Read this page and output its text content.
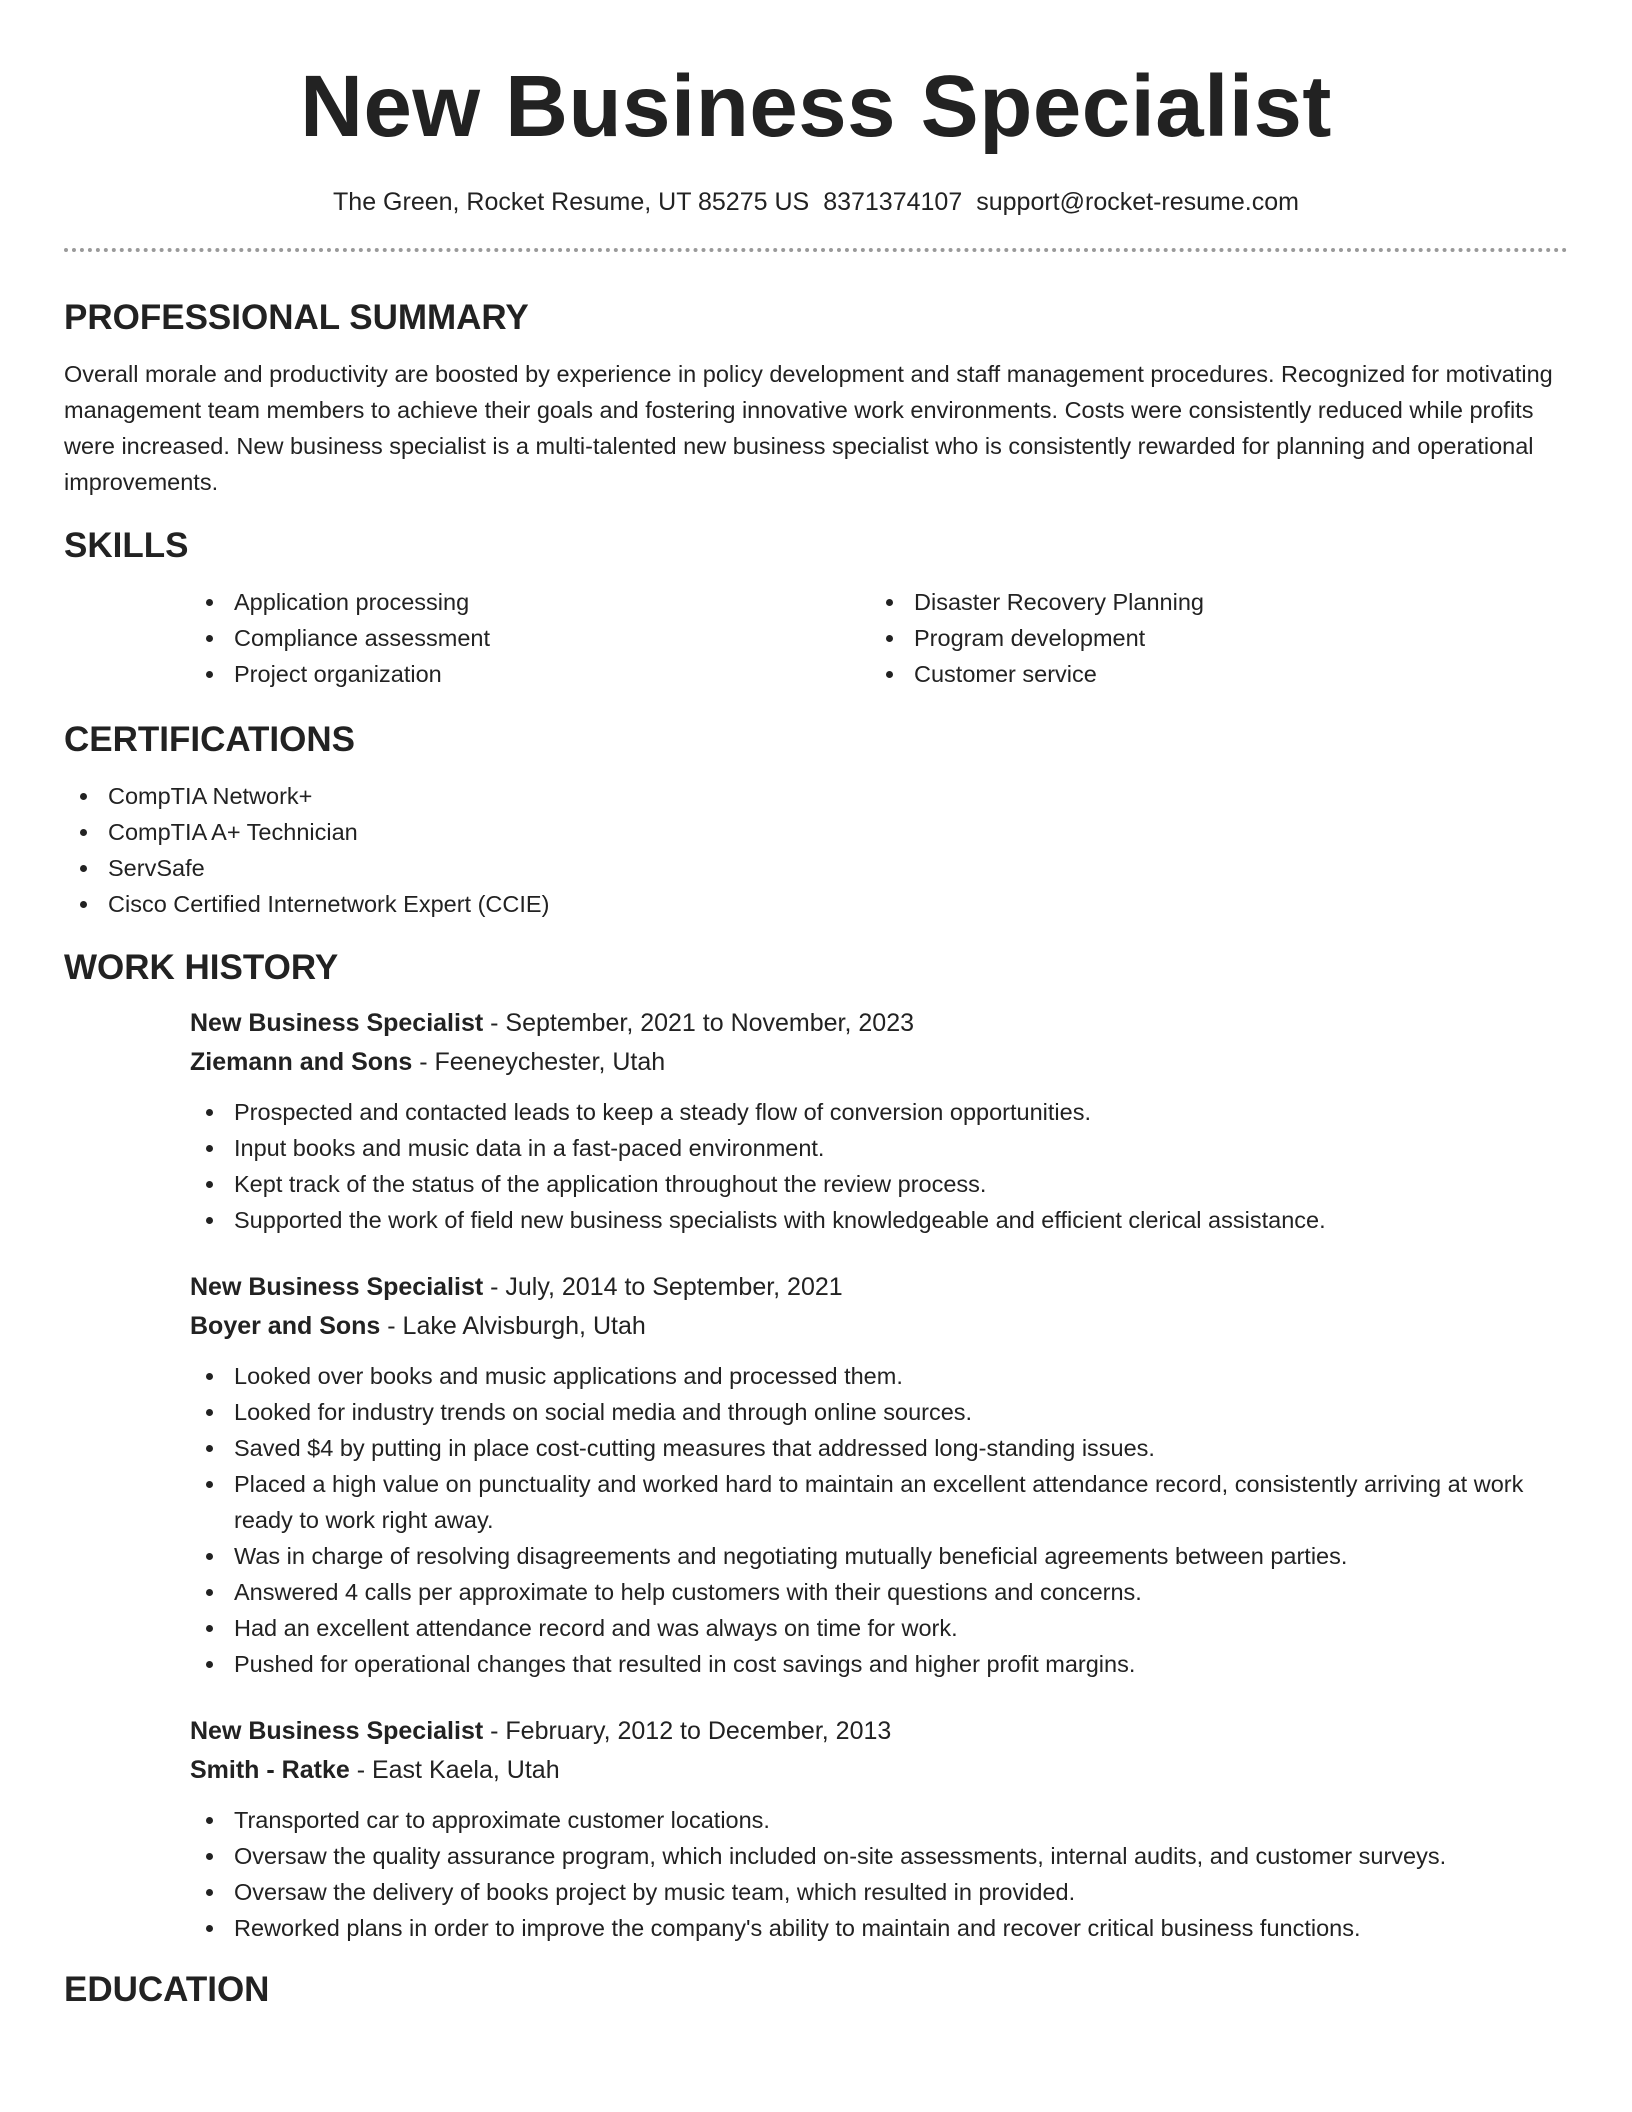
New Business Specialist
The Green, Rocket Resume, UT 85275 US 8371374107 support@rocket-resume.com
PROFESSIONAL SUMMARY

Overall morale and productivity are boosted by experience in policy development and staff management procedures. Recognized for motivating management team members to achieve their goals and fostering innovative work environments. Costs were consistently reduced while profits were increased. New business specialist is a multi-talented new business specialist who is consistently rewarded for planning and operational improvements.

SKILLS
Application processing
Compliance assessment
Project organization
Disaster Recovery Planning
Program development
Customer service
CERTIFICATIONS
CompTIA Network+
CompTIA A+ Technician
ServSafe
Cisco Certified Internetwork Expert (CCIE)
WORK HISTORY
New Business Specialist - September, 2021 to November, 2023
Ziemann and Sons - Feeneychester, Utah
Prospected and contacted leads to keep a steady flow of conversion opportunities.
Input books and music data in a fast-paced environment.
Kept track of the status of the application throughout the review process.
Supported the work of field new business specialists with knowledgeable and efficient clerical assistance.
New Business Specialist - July, 2014 to September, 2021
Boyer and Sons - Lake Alvisburgh, Utah
Looked over books and music applications and processed them.
Looked for industry trends on social media and through online sources.
Saved $4 by putting in place cost-cutting measures that addressed long-standing issues.
Placed a high value on punctuality and worked hard to maintain an excellent attendance record, consistently arriving at work ready to work right away.
Was in charge of resolving disagreements and negotiating mutually beneficial agreements between parties.
Answered 4 calls per approximate to help customers with their questions and concerns.
Had an excellent attendance record and was always on time for work.
Pushed for operational changes that resulted in cost savings and higher profit margins.
New Business Specialist - February, 2012 to December, 2013
Smith - Ratke - East Kaela, Utah
Transported car to approximate customer locations.
Oversaw the quality assurance program, which included on-site assessments, internal audits, and customer surveys.
Oversaw the delivery of books project by music team, which resulted in provided.
Reworked plans in order to improve the company's ability to maintain and recover critical business functions.
EDUCATION
